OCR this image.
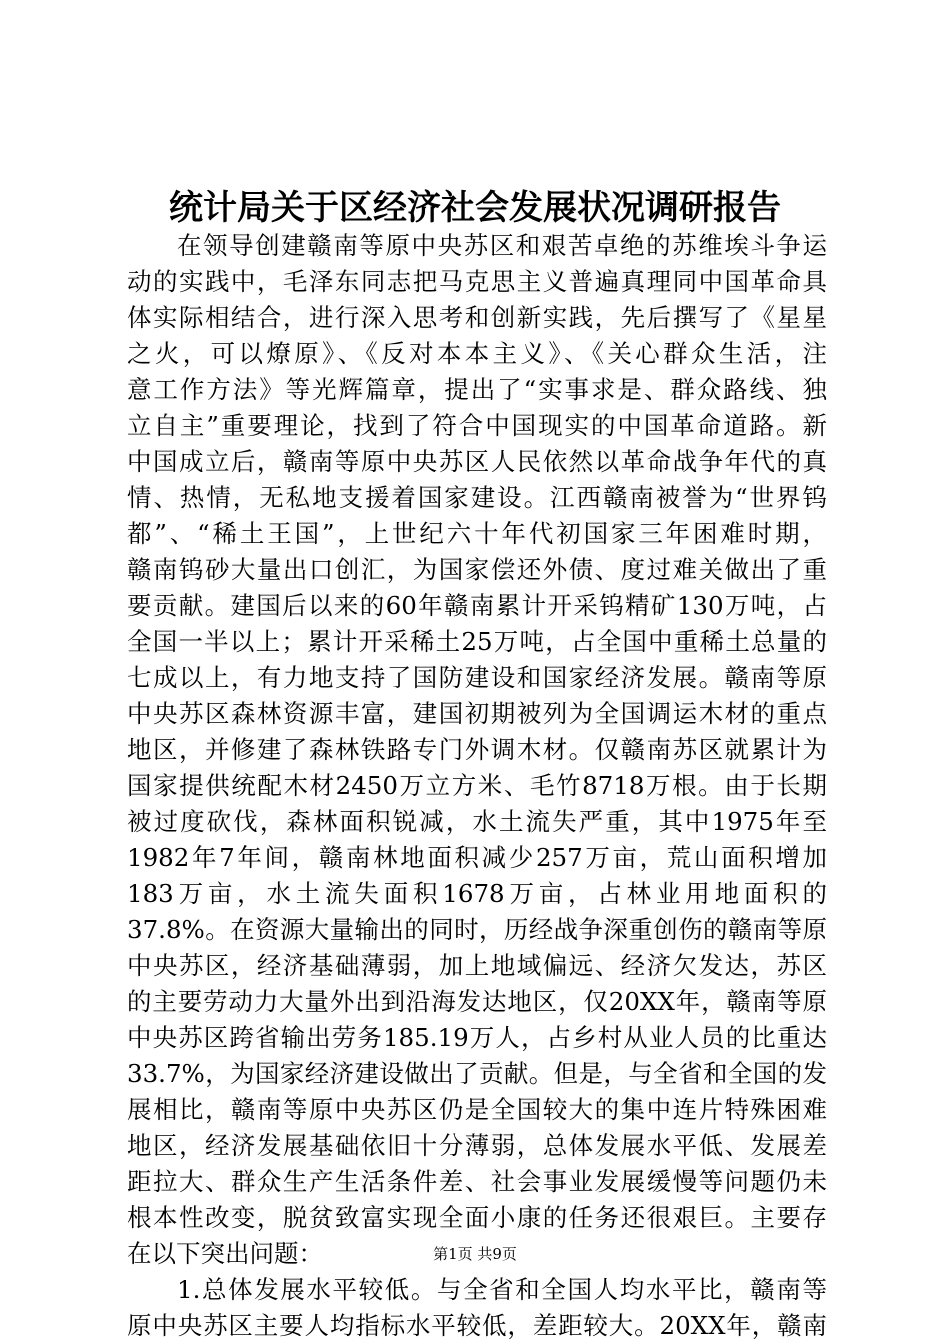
统计局关于区经济社会发展状况调研报告
在领导创建赣南等原中央苏区和艰苦卓绝的苏维埃斗争运
动的实践中，毛泽东同志把马克思主义普遍真理同中国革命具
体实际相结合，进行深入思考和创新实践，先后撰写了《星星
之火，可以燎原》、《反对本本主义》、《关心群众生活，注
意工作方法》等光辉篇章，提出了“实事求是、群众路线、独
立自主”重要理论，找到了符合中国现实的中国革命道路。新
中国成立后，赣南等原中央苏区人民依然以革命战争年代的真
情、热情，无私地支援着国家建设。江西赣南被誉为“世界钨
都”、“稀土王国”，上世纪六十年代初国家三年困难时期，
赣南钨砂大量出口创汇，为国家偿还外债、度过难关做出了重
要贡献。建国后以来的60年赣南累计开采钨精矿130万吨，占
全国一半以上；累计开采稀土25万吨，占全国中重稀土总量的
七成以上，有力地支持了国防建设和国家经济发展。赣南等原
中央苏区森林资源丰富，建国初期被列为全国调运木材的重点
地区，并修建了森林铁路专门外调木材。仅赣南苏区就累计为
国家提供统配木材2450万立方米、毛竹8718万根。由于长期
被过度砍伐，森林面积锐减，水土流失严重，其中1975年至
1982年7年间，赣南林地面积减少257万亩，荒山面积增加
183万亩，水土流失面积1678万亩，占林业用地面积的
37.8%。在资源大量输出的同时，历经战争深重创伤的赣南等原
中央苏区，经济基础薄弱，加上地域偏远、经济欠发达，苏区
的主要劳动力大量外出到沿海发达地区，仅20XX年，赣南等原
中央苏区跨省输出劳务185.19万人，占乡村从业人员的比重达
33.7%，为国家经济建设做出了贡献。但是，与全省和全国的发
展相比，赣南等原中央苏区仍是全国较大的集中连片特殊困难
地区，经济发展基础依旧十分薄弱，总体发展水平低、发展差
距拉大、群众生产生活条件差、社会事业发展缓慢等问题仍未
根本性改变，脱贫致富实现全面小康的任务还很艰巨。主要存
在以下突出问题：
1.总体发展水平较低。与全省和全国人均水平比，赣南等
原中央苏区主要人均指标水平较低，差距较大。20XX年，赣南
第1页 共9页
